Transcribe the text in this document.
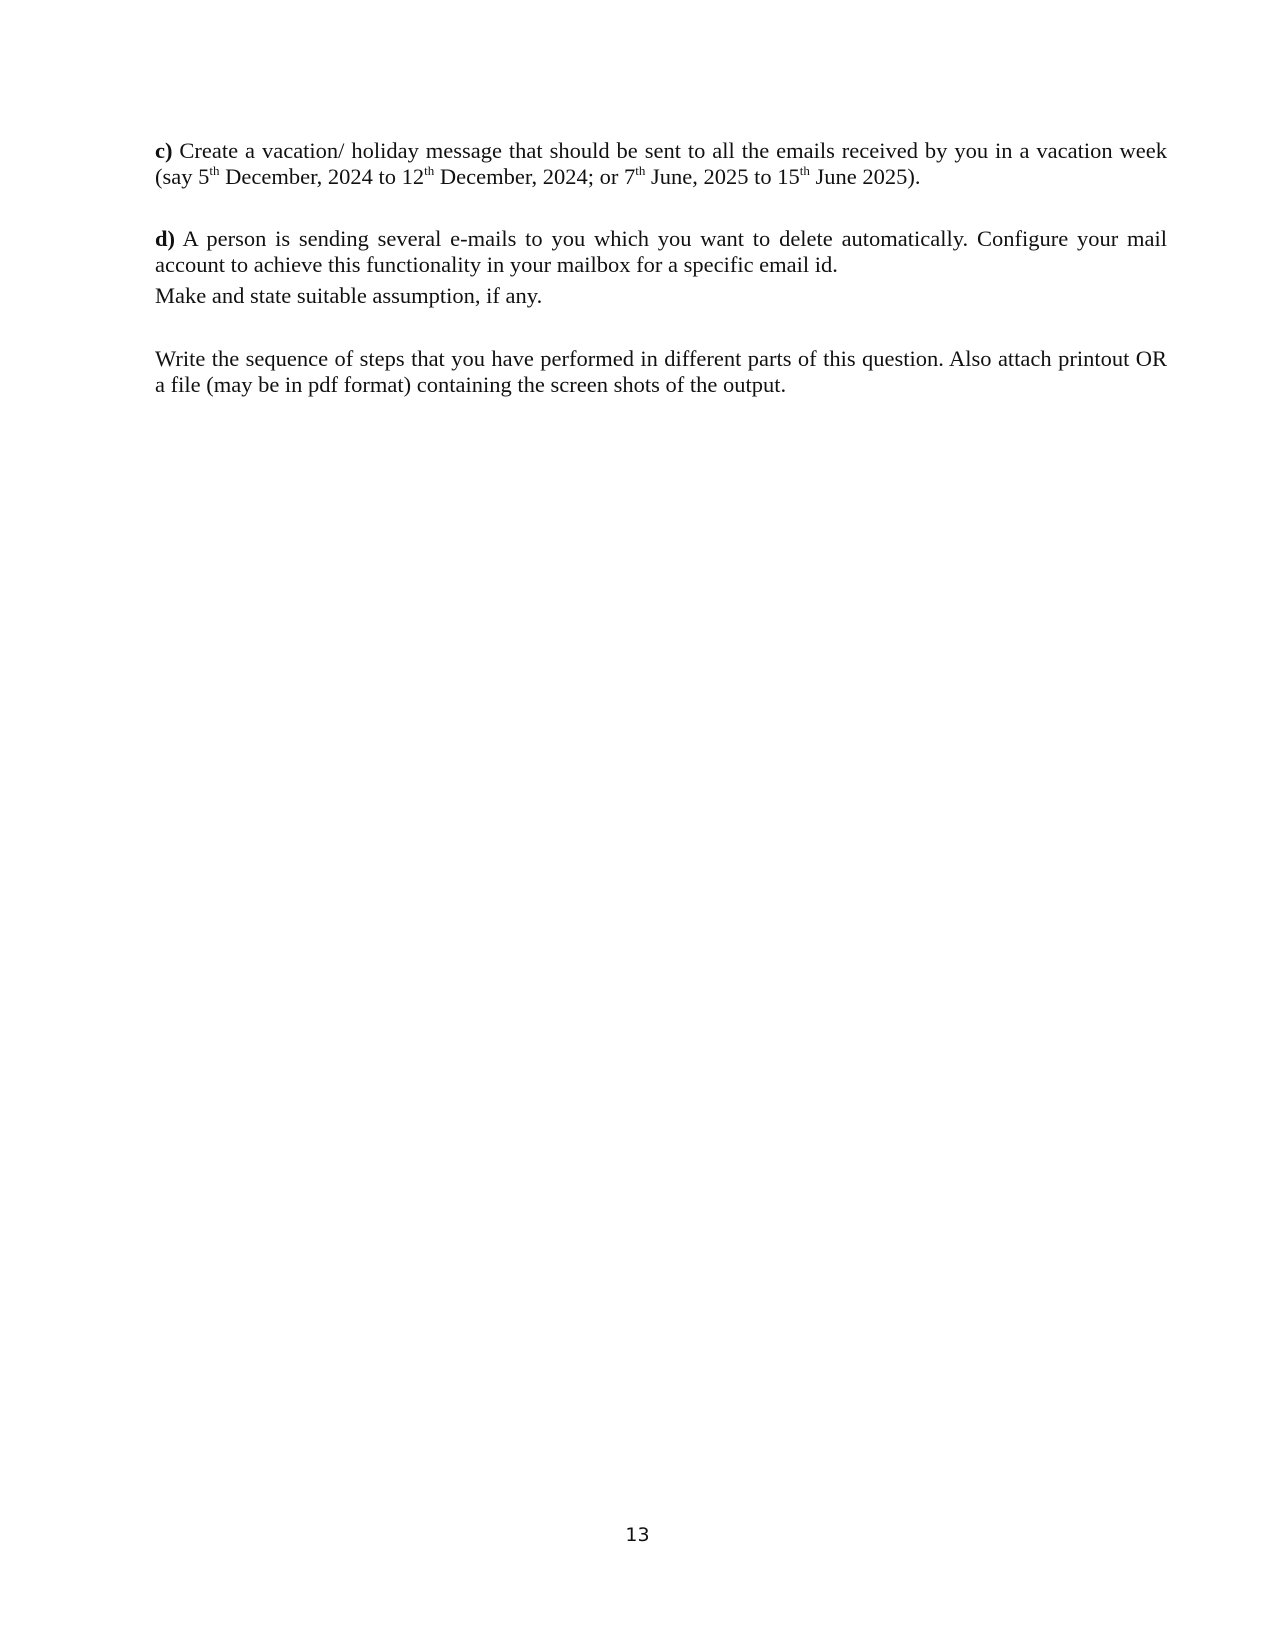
c) Create a vacation/ holiday message that should be sent to all the emails received by you in a vacation week (say 5th December, 2024 to 12th December, 2024; or 7th June, 2025 to 15th June 2025).

d) A person is sending several e-mails to you which you want to delete automatically. Configure your mail account to achieve this functionality in your mailbox for a specific email id.

Make and state suitable assumption, if any.

Write the sequence of steps that you have performed in different parts of this question. Also attach printout OR a file (may be in pdf format) containing the screen shots of the output.

13
